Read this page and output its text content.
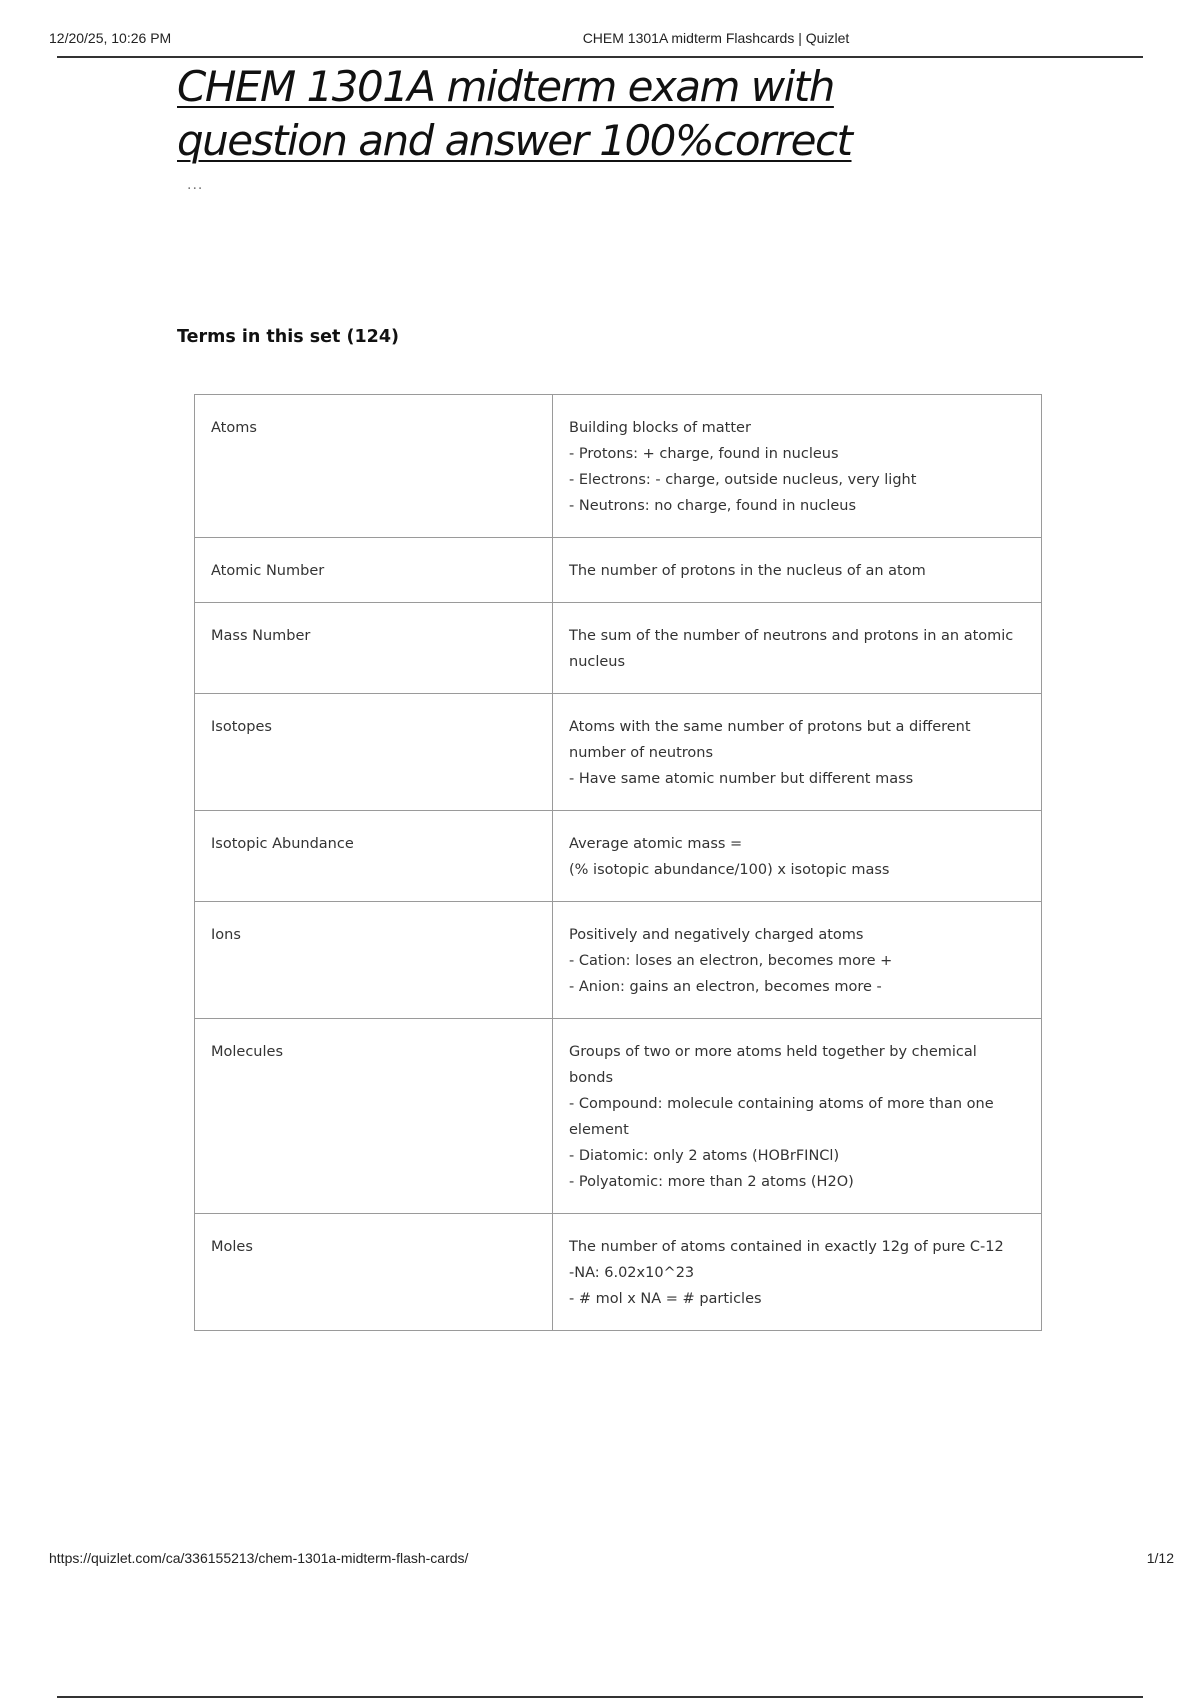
12/20/25, 10:26 PM	CHEM 1301A midterm Flashcards | Quizlet
CHEM 1301A midterm exam with question and answer 100%correct
...
Terms in this set (124)
Atoms	Building blocks of matter
- Protons: + charge, found in nucleus
- Electrons: - charge, outside nucleus, very light
- Neutrons: no charge, found in nucleus

Atomic Number	The number of protons in the nucleus of an atom

Mass Number	The sum of the number of neutrons and protons in an atomic nucleus

Isotopes	Atoms with the same number of protons but a different number of neutrons
- Have same atomic number but different mass

Isotopic Abundance	Average atomic mass =
(% isotopic abundance/100) x isotopic mass

Ions	Positively and negatively charged atoms
- Cation: loses an electron, becomes more +
- Anion: gains an electron, becomes more -

Molecules	Groups of two or more atoms held together by chemical bonds
- Compound: molecule containing atoms of more than one element
- Diatomic: only 2 atoms (HOBrFINCl)
- Polyatomic: more than 2 atoms (H2O)

Moles	The number of atoms contained in exactly 12g of pure C-12
-NA: 6.02x10^23
- # mol x NA = # particles
https://quizlet.com/ca/336155213/chem-1301a-midterm-flash-cards/	1/12
